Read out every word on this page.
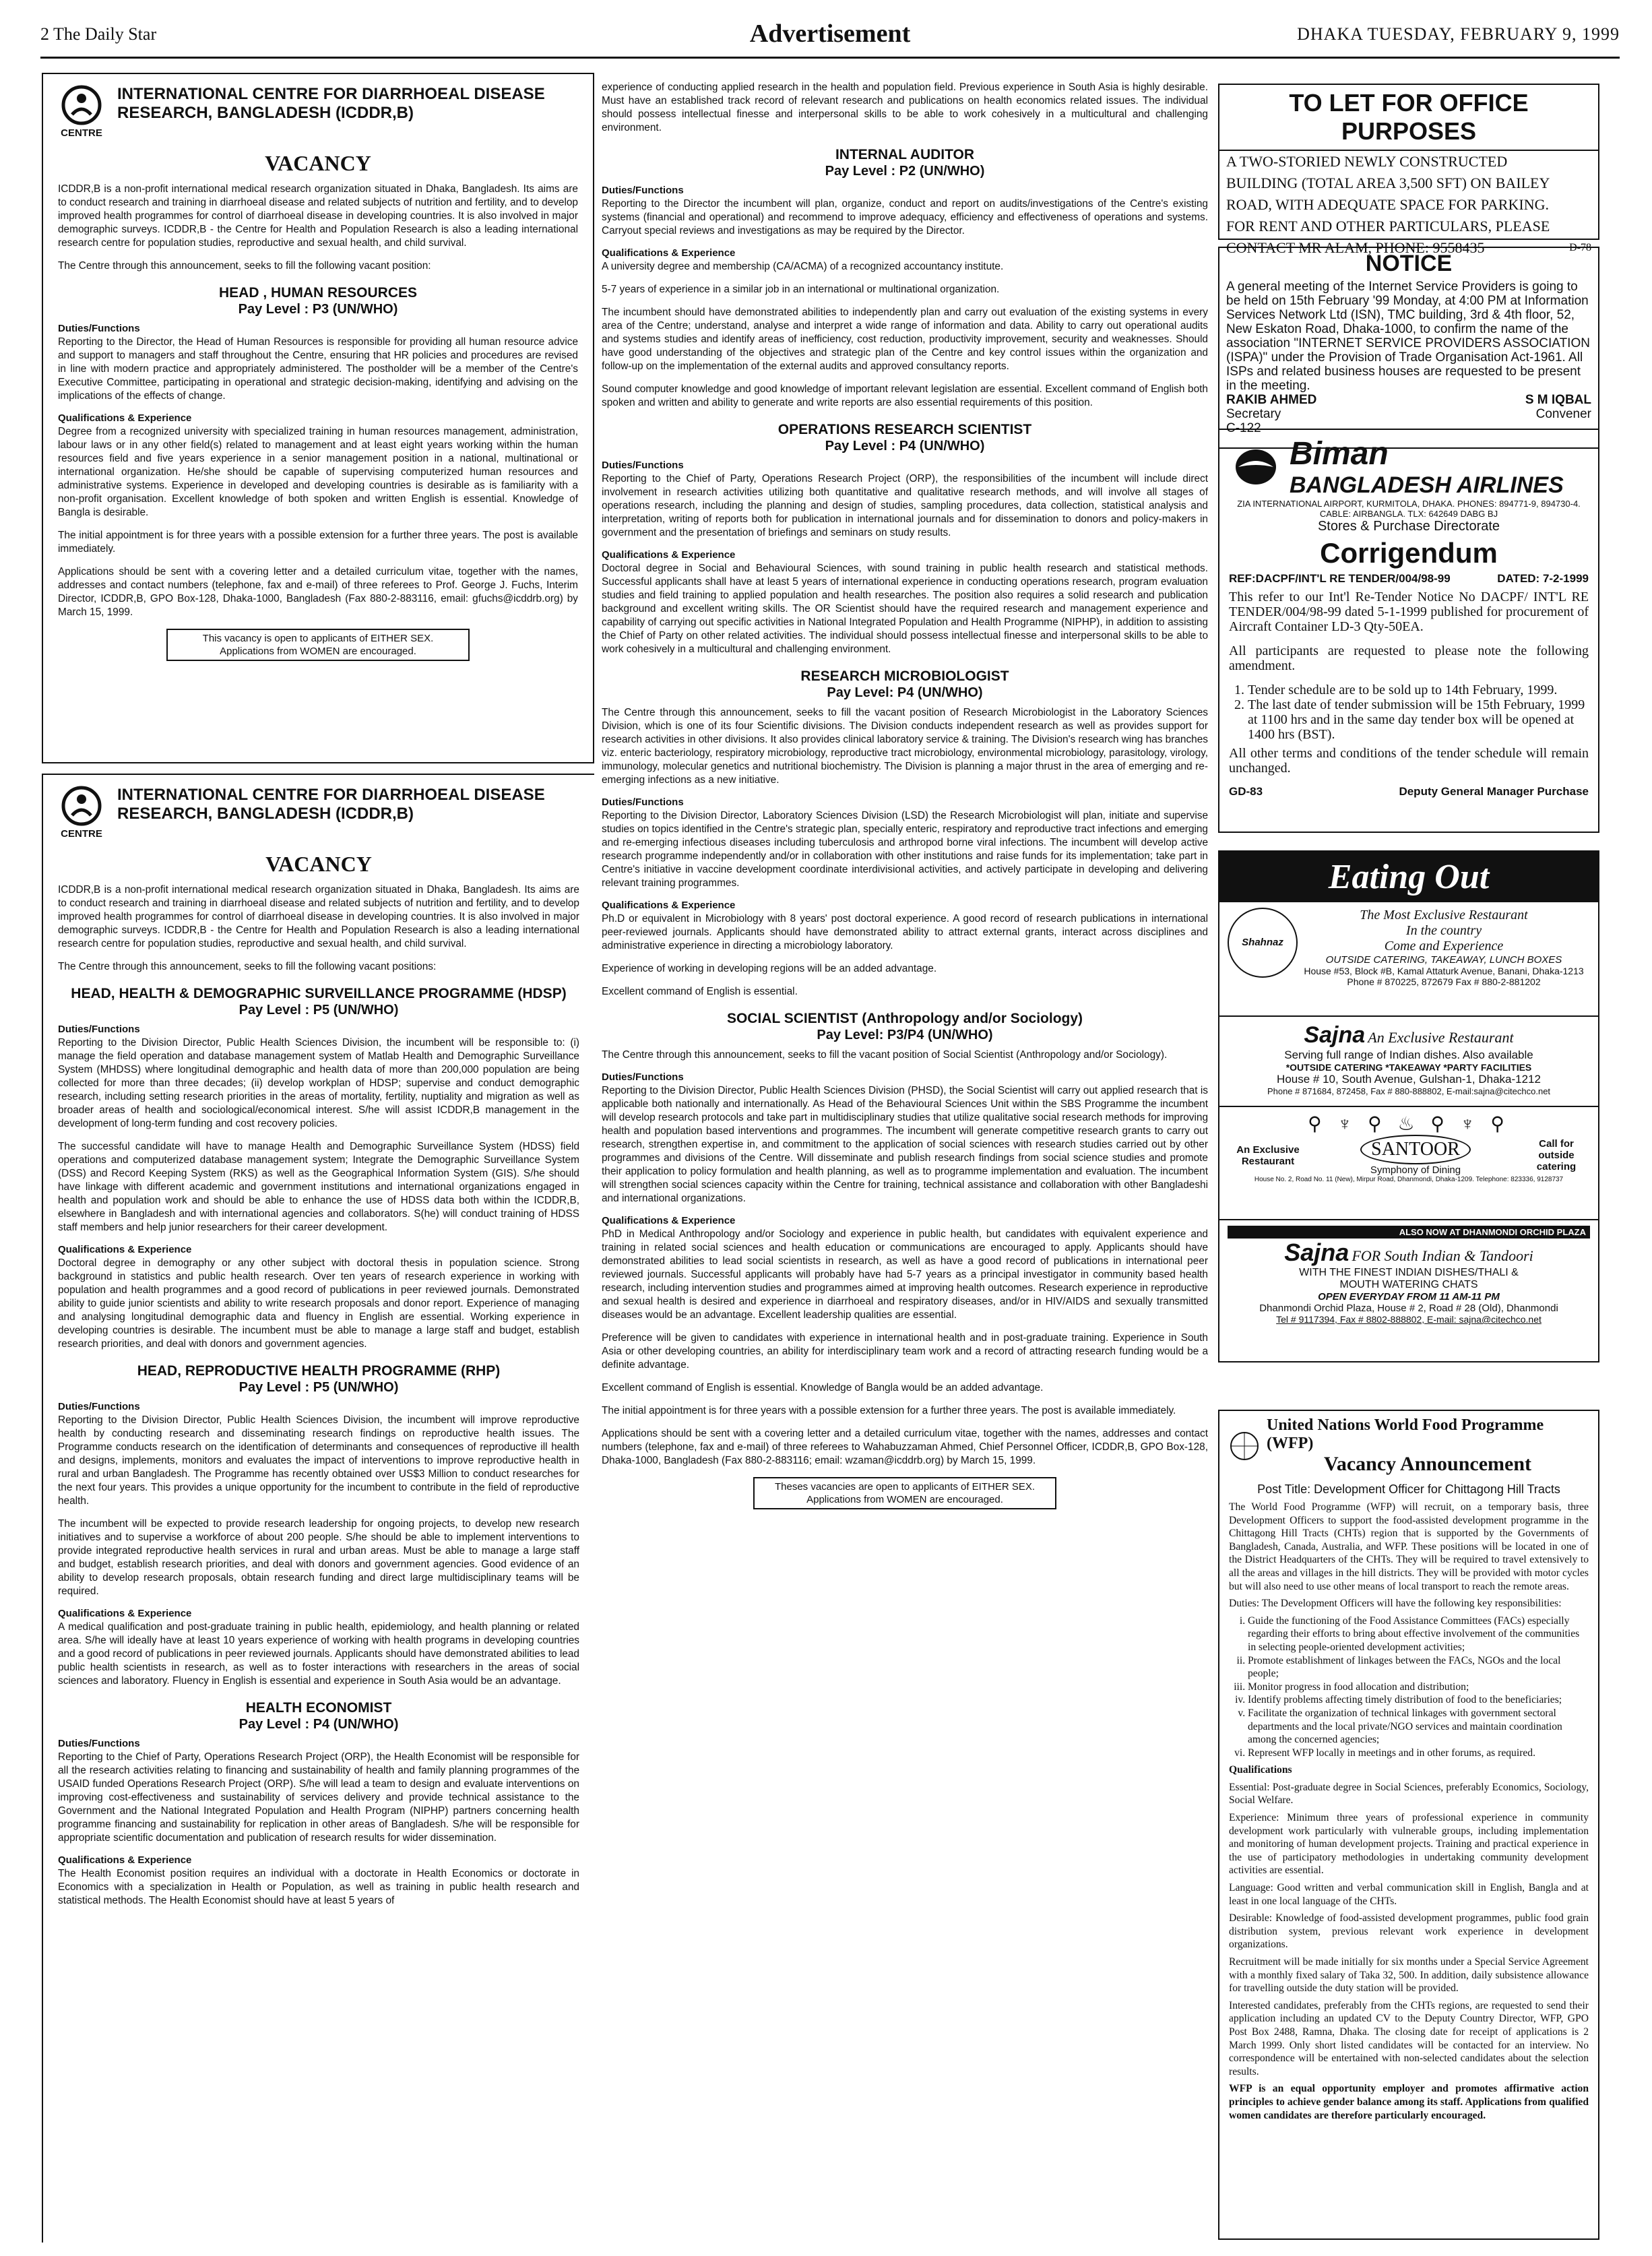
2 The Daily Star	Advertisement	DHAKA TUESDAY, FEBRUARY 9, 1999
CENTRE
INTERNATIONAL CENTRE FOR DIARRHOEAL DISEASE RESEARCH, BANGLADESH (ICDDR,B)
VACANCY

ICDDR,B is a non-profit international medical research organization situated in Dhaka, Bangladesh. Its aims are to conduct research and training in diarrhoeal disease and related subjects of nutrition and fertility, and to develop improved health programmes for control of diarrhoeal disease in developing countries. It is also involved in major demographic surveys. ICDDR,B - the Centre for Health and Population Research is also a leading international research centre for population studies, reproductive and sexual health, and child survival.

The Centre through this announcement, seeks to fill the following vacant position:

HEAD , HUMAN RESOURCES
Pay Level : P3 (UN/WHO)
Duties/Functions

Reporting to the Director, the Head of Human Resources is responsible for providing all human resource advice and support to managers and staff throughout the Centre, ensuring that HR policies and procedures are revised in line with modern practice and appropriately administered. The postholder will be a member of the Centre's Executive Committee, participating in operational and strategic decision-making, identifying and advising on the implications of the effects of change.

Qualifications & Experience

Degree from a recognized university with specialized training in human resources management, administration, labour laws or in any other field(s) related to management and at least eight years working within the human resources field and five years experience in a senior management position in a national, multinational or international organization. He/she should be capable of supervising computerized human resources and administrative systems. Experience in developed and developing countries is desirable as is familiarity with a non-profit organisation. Excellent knowledge of both spoken and written English is essential. Knowledge of Bangla is desirable.

The initial appointment is for three years with a possible extension for a further three years. The post is available immediately.

Applications should be sent with a covering letter and a detailed curriculum vitae, together with the names, addresses and contact numbers (telephone, fax and e-mail) of three referees to Prof. George J. Fuchs, Interim Director, ICDDR,B, GPO Box-128, Dhaka-1000, Bangladesh (Fax 880-2-883116, email: gfuchs@icddrb.org) by March 15, 1999.

This vacancy is open to applicants of EITHER SEX.
Applications from WOMEN are encouraged.
CENTRE
INTERNATIONAL CENTRE FOR DIARRHOEAL DISEASE RESEARCH, BANGLADESH (ICDDR,B)
VACANCY

ICDDR,B is a non-profit international medical research organization situated in Dhaka, Bangladesh. Its aims are to conduct research and training in diarrhoeal disease and related subjects of nutrition and fertility, and to develop improved health programmes for control of diarrhoeal disease in developing countries. It is also involved in major demographic surveys. ICDDR,B - the Centre for Health and Population Research is also a leading international research centre for population studies, reproductive and sexual health, and child survival.

The Centre through this announcement, seeks to fill the following vacant positions:

HEAD, HEALTH & DEMOGRAPHIC SURVEILLANCE PROGRAMME (HDSP)
Pay Level : P5 (UN/WHO)
Duties/Functions

Reporting to the Division Director, Public Health Sciences Division, the incumbent will be responsible to: (i) manage the field operation and database management system of Matlab Health and Demographic Surveillance System (MHDSS) where longitudinal demographic and health data of more than 200,000 population are being collected for more than three decades; (ii) develop workplan of HDSP; supervise and conduct demographic research, including setting research priorities in the areas of mortality, fertility, nuptiality and migration as well as broader areas of health and sociological/economical interest. S/he will assist ICDDR,B management in the development of long-term funding and cost recovery policies.

The successful candidate will have to manage Health and Demographic Surveillance System (HDSS) field operations and computerized database management system; Integrate the Demographic Surveillance System (DSS) and Record Keeping System (RKS) as well as the Geographical Information System (GIS). S/he should have linkage with different academic and government institutions and international organizations engaged in health and population work and should be able to enhance the use of HDSS data both within the ICDDR,B, elsewhere in Bangladesh and with international agencies and collaborators. S(he) will conduct training of HDSS staff members and help junior researchers for their career development.

Qualifications & Experience

Doctoral degree in demography or any other subject with doctoral thesis in population science. Strong background in statistics and public health research. Over ten years of research experience in working with population and health programmes and a good record of publications in peer reviewed journals. Demonstrated ability to guide junior scientists and ability to write research proposals and donor report. Experience of managing and analysing longitudinal demographic data and fluency in English are essential. Working experience in developing countries is desirable. The incumbent must be able to manage a large staff and budget, establish research priorities, and deal with donors and government agencies.

HEAD, REPRODUCTIVE HEALTH PROGRAMME (RHP)
Pay Level : P5 (UN/WHO)
Duties/Functions

Reporting to the Division Director, Public Health Sciences Division, the incumbent will improve reproductive health by conducting research and disseminating research findings on reproductive health issues. The Programme conducts research on the identification of determinants and consequences of reproductive ill health and designs, implements, monitors and evaluates the impact of interventions to improve reproductive health in rural and urban Bangladesh. The Programme has recently obtained over US$3 Million to conduct researches for the next four years. This provides a unique opportunity for the incumbent to contribute in the field of reproductive health.

The incumbent will be expected to provide research leadership for ongoing projects, to develop new research initiatives and to supervise a workforce of about 200 people. S/he should be able to implement interventions to provide integrated reproductive health services in rural and urban areas. Must be able to manage a large staff and budget, establish research priorities, and deal with donors and government agencies. Good evidence of an ability to develop research proposals, obtain research funding and direct large multidisciplinary teams will be required.

Qualifications & Experience

A medical qualification and post-graduate training in public health, epidemiology, and health planning or related area. S/he will ideally have at least 10 years experience of working with health programs in developing countries and a good record of publications in peer reviewed journals. Applicants should have demonstrated abilities to lead public health scientists in research, as well as to foster interactions with researchers in the areas of social sciences and laboratory. Fluency in English is essential and experience in South Asia would be an advantage.

HEALTH ECONOMIST
Pay Level : P4 (UN/WHO)
Duties/Functions

Reporting to the Chief of Party, Operations Research Project (ORP), the Health Economist will be responsible for all the research activities relating to financing and sustainability of health and family planning programmes of the USAID funded Operations Research Project (ORP). S/he will lead a team to design and evaluate interventions on improving cost-effectiveness and sustainability of services delivery and provide technical assistance to the Government and the National Integrated Population and Health Program (NIPHP) partners concerning health programme financing and sustainability for replication in other areas of Bangladesh. S/he will be responsible for appropriate scientific documentation and publication of research results for wider dissemination.

Qualifications & Experience

The Health Economist position requires an individual with a doctorate in Health Economics or doctorate in Economics with a specialization in Health or Population, as well as training in public health research and statistical methods. The Health Economist should have at least 5 years of

experience of conducting applied research in the health and population field. Previous experience in South Asia is highly desirable. Must have an established track record of relevant research and publications on health economics related issues. The individual should possess intellectual finesse and interpersonal skills to be able to work cohesively in a multicultural and challenging environment.

INTERNAL AUDITOR
Pay Level : P2 (UN/WHO)
Duties/Functions

Reporting to the Director the incumbent will plan, organize, conduct and report on audits/investigations of the Centre's existing systems (financial and operational) and recommend to improve adequacy, efficiency and effectiveness of operations and systems. Carryout special reviews and investigations as may be required by the Director.

Qualifications & Experience

A university degree and membership (CA/ACMA) of a recognized accountancy institute.

5-7 years of experience in a similar job in an international or multinational organization.

The incumbent should have demonstrated abilities to independently plan and carry out evaluation of the existing systems in every area of the Centre; understand, analyse and interpret a wide range of information and data. Ability to carry out operational audits and systems studies and identify areas of inefficiency, cost reduction, productivity improvement, security and weaknesses. Should have good understanding of the objectives and strategic plan of the Centre and key control issues within the organization and follow-up on the implementation of the external audits and approved consultancy reports.

Sound computer knowledge and good knowledge of important relevant legislation are essential. Excellent command of English both spoken and written and ability to generate and write reports are also essential requirements of this position.

OPERATIONS RESEARCH SCIENTIST
Pay Level : P4 (UN/WHO)
Duties/Functions

Reporting to the Chief of Party, Operations Research Project (ORP), the responsibilities of the incumbent will include direct involvement in research activities utilizing both quantitative and qualitative research methods, and will involve all stages of operations research, including the planning and design of studies, sampling procedures, data collection, statistical analysis and interpretation, writing of reports both for publication in international journals and for dissemination to donors and policy-makers in government and the presentation of briefings and seminars on study results.

Qualifications & Experience

Doctoral degree in Social and Behavioural Sciences, with sound training in public health research and statistical methods. Successful applicants shall have at least 5 years of international experience in conducting operations research, program evaluation studies and field training to applied population and health researches. The position also requires a solid research and publication background and excellent writing skills. The OR Scientist should have the required research and management experience and capability of carrying out specific activities in National Integrated Population and Health Programme (NIPHP), in addition to assisting the Chief of Party on other related activities. The individual should possess intellectual finesse and interpersonal skills to be able to work cohesively in a multicultural and challenging environment.

RESEARCH MICROBIOLOGIST
Pay Level: P4 (UN/WHO)

The Centre through this announcement, seeks to fill the vacant position of Research Microbiologist in the Laboratory Sciences Division, which is one of its four Scientific divisions. The Division conducts independent research as well as provides support for research activities in other divisions. It also provides clinical laboratory service & training. The Division's research wing has branches viz. enteric bacteriology, respiratory microbiology, reproductive tract microbiology, environmental microbiology, parasitology, virology, immunology, molecular genetics and nutritional biochemistry. The Division is planning a major thrust in the area of emerging and re-emerging infections as a new initiative.

Duties/Functions

Reporting to the Division Director, Laboratory Sciences Division (LSD) the Research Microbiologist will plan, initiate and supervise studies on topics identified in the Centre's strategic plan, specially enteric, respiratory and reproductive tract infections and emerging and re-emerging infectious diseases including tuberculosis and arthropod borne viral infections. The incumbent will develop active research programme independently and/or in collaboration with other institutions and raise funds for its implementation; take part in Centre's initiative in vaccine development coordinate interdivisional activities, and actively participate in developing and delivering relevant training programmes.

Qualifications & Experience

Ph.D or equivalent in Microbiology with 8 years' post doctoral experience. A good record of research publications in international peer-reviewed journals. Applicants should have demonstrated ability to attract external grants, interact across disciplines and administrative experience in directing a microbiology laboratory.

Experience of working in developing regions will be an added advantage.

Excellent command of English is essential.

SOCIAL SCIENTIST (Anthropology and/or Sociology)
Pay Level: P3/P4 (UN/WHO)

The Centre through this announcement, seeks to fill the vacant position of Social Scientist (Anthropology and/or Sociology).

Duties/Functions

Reporting to the Division Director, Public Health Sciences Division (PHSD), the Social Scientist will carry out applied research that is applicable both nationally and internationally. As Head of the Behavioural Sciences Unit within the SBS Programme the incumbent will develop research protocols and take part in multidisciplinary studies that utilize qualitative social research methods for improving health and population based interventions and programmes. The incumbent will generate competitive research grants to carry out research, strengthen expertise in, and commitment to the application of social sciences with research studies carried out by other programmes and divisions of the Centre. Will disseminate and publish research findings from social science studies and promote their application to policy formulation and health planning, as well as to programme implementation and evaluation. The incumbent will strengthen social sciences capacity within the Centre for training, technical assistance and collaboration with other Bangladeshi and international organizations.

Qualifications & Experience

PhD in Medical Anthropology and/or Sociology and experience in public health, but candidates with equivalent experience and training in related social sciences and health education or communications are encouraged to apply. Applicants should have demonstrated abilities to lead social scientists in research, as well as have a good record of publications in international peer reviewed journals. Successful applicants will probably have had 5-7 years as a principal investigator in community based health research, including intervention studies and programmes aimed at improving health outcomes. Research experience in reproductive and sexual health is desired and experience in diarrhoeal and respiratory diseases, and/or in HIV/AIDS and sexually transmitted diseases would be an advantage. Excellent leadership qualities are essential.

Preference will be given to candidates with experience in international health and in post-graduate training. Experience in South Asia or other developing countries, an ability for interdisciplinary team work and a record of attracting research funding would be a definite advantage.

Excellent command of English is essential. Knowledge of Bangla would be an added advantage.

The initial appointment is for three years with a possible extension for a further three years. The post is available immediately.

Applications should be sent with a covering letter and a detailed curriculum vitae, together with the names, addresses and contact numbers (telephone, fax and e-mail) of three referees to Wahabuzzaman Ahmed, Chief Personnel Officer, ICDDR,B, GPO Box-128, Dhaka-1000, Bangladesh (Fax 880-2-883116; email: wzaman@icddrb.org) by March 15, 1999.

Theses vacancies are open to applicants of EITHER SEX.
Applications from WOMEN are encouraged.
TO LET FOR OFFICE PURPOSES

A TWO-STORIED NEWLY CONSTRUCTED

BUILDING (TOTAL AREA 3,500 SFT) ON BAILEY

ROAD, WITH ADEQUATE SPACE FOR PARKING.

FOR RENT AND OTHER PARTICULARS, PLEASE

CONTACT MR ALAM, PHONE: 9558435	D-78

NOTICE

A general meeting of the Internet Service Providers is going to be held on 15th February '99 Monday, at 4:00 PM at Information Services Network Ltd (ISN), TMC building, 3rd & 4th floor, 52, New Eskaton Road, Dhaka-1000, to confirm the name of the association "INTERNET SERVICE PROVIDERS ASSOCIATION (ISPA)" under the Provision of Trade Organisation Act-1961. All ISPs and related business houses are requested to be present in the meeting.

RAKIB AHMED	S M IQBAL

Secretary	Convener

C-122

Biman
BANGLADESH AIRLINES
ZIA INTERNATIONAL AIRPORT, KURMITOLA, DHAKA. PHONES: 894771-9, 894730-4.
CABLE: AIRBANGLA. TLX: 642649 DABG BJ
Stores & Purchase Directorate
Corrigendum
REF:DACPF/INT'L RE TENDER/004/98-99	DATED: 7-2-1999

This refer to our Int'l Re-Tender Notice No DACPF/ INT'L RE TENDER/004/98-99 dated 5-1-1999 published for procurement of Aircraft Container LD-3 Qty-50EA.

All participants are requested to please note the following amendment.

1. Tender schedule are to be sold up to 14th February, 1999.
2. The last date of tender submission will be 15th February, 1999 at 1100 hrs and in the same day tender box will be opened at 1400 hrs (BST).

All other terms and conditions of the tender schedule will remain unchanged.

GD-83	Deputy General Manager Purchase
Eating Out
Shahnaz
The Most Exclusive Restaurant
In the country
Come and Experience
OUTSIDE CATERING, TAKEAWAY, LUNCH BOXES
House #53, Block #B, Kamal Attaturk Avenue, Banani, Dhaka-1213
Phone # 870225, 872679 Fax # 880-2-881202
Sajna An Exclusive Restaurant
Serving full range of Indian dishes. Also available
*OUTSIDE CATERING *TAKEAWAY *PARTY FACILITIES
House # 10, South Avenue, Gulshan-1, Dhaka-1212
Phone # 871684, 872458, Fax # 880-888802, E-mail:sajna@citechco.net
⚲ ♆ ⚲ ♨ ⚲ ♆ ⚲
An Exclusive Restaurant
SANTOOR
Symphony of Dining
Call for outside catering
House No. 2, Road No. 11 (New), Mirpur Road, Dhanmondi, Dhaka-1209. Telephone: 823336, 9128737
ALSO NOW AT DHANMONDI ORCHID PLAZA
Sajna FOR South Indian & Tandoori
WITH THE FINEST INDIAN DISHES/THALI &
MOUTH WATERING CHATS
OPEN EVERYDAY FROM 11 AM-11 PM
Dhanmondi Orchid Plaza, House # 2, Road # 28 (Old), Dhanmondi
Tel # 9117394, Fax # 8802-888802, E-mail: sajna@citechco.net
United Nations World Food Programme (WFP)
Vacancy Announcement
Post Title: Development Officer for Chittagong Hill Tracts

The World Food Programme (WFP) will recruit, on a temporary basis, three Development Officers to support the food-assisted development programme in the Chittagong Hill Tracts (CHTs) region that is supported by the Governments of Bangladesh, Canada, Australia, and WFP. These positions will be located in one of the District Headquarters of the CHTs. They will be required to travel extensively to all the areas and villages in the hill districts. They will be provided with motor cycles but will also need to use other means of local transport to reach the remote areas.

Duties: The Development Officers will have the following key responsibilities:

i. Guide the functioning of the Food Assistance Committees (FACs) especially regarding their efforts to bring about effective involvement of the communities in selecting people-oriented development activities;
ii. Promote establishment of linkages between the FACs, NGOs and the local people;
iii. Monitor progress in food allocation and distribution;
iv. Identify problems affecting timely distribution of food to the beneficiaries;
v. Facilitate the organization of technical linkages with government sectoral departments and the local private/NGO services and maintain coordination among the concerned agencies;
vi. Represent WFP locally in meetings and in other forums, as required.

Qualifications

Essential: Post-graduate degree in Social Sciences, preferably Economics, Sociology, Social Welfare.

Experience: Minimum three years of professional experience in community development work particularly with vulnerable groups, including implementation and monitoring of human development projects. Training and practical experience in the use of participatory methodologies in undertaking community development activities are essential.

Language: Good written and verbal communication skill in English, Bangla and at least in one local language of the CHTs.

Desirable: Knowledge of food-assisted development programmes, public food grain distribution system, previous relevant work experience in development organizations.

Recruitment will be made initially for six months under a Special Service Agreement with a monthly fixed salary of Taka 32, 500. In addition, daily subsistence allowance for travelling outside the duty station will be provided.

Interested candidates, preferably from the CHTs regions, are requested to send their application including an updated CV to the Deputy Country Director, WFP, GPO Post Box 2488, Ramna, Dhaka. The closing date for receipt of applications is 2 March 1999. Only short listed candidates will be contacted for an interview. No correspondence will be entertained with non-selected candidates about the selection results.

WFP is an equal opportunity employer and promotes affirmative action principles to achieve gender balance among its staff. Applications from qualified women candidates are therefore particularly encouraged.
